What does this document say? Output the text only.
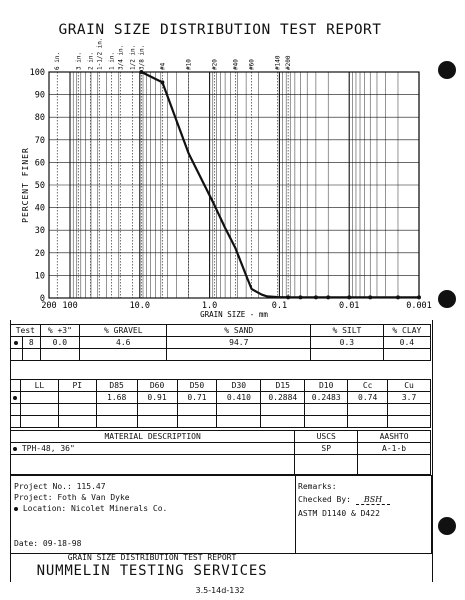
GRAIN SIZE DISTRIBUTION TEST REPORT
0
10
20
30
40
50
60
70
80
90
100
200 100	10.0	1.0	0.1	0.01	0.001
6 in. 3 in. 2 in. 1-1/2 in. 1 in. 3/4 in. 1/2 in. 3/8 in. #4	#10	#20 #40 #60	#140 #200
GRAIN SIZE - mm
PERCENT FINER
Test		% +3"	% GRAVEL	% SAND	% SILT	% CLAY
	8	0.0	4.6	94.7	0.3	0.4

	LL	PI	D85	D60	D50	D30	D15	D10	Cc	Cu
			1.68	0.91	0.71	0.410	0.2884	0.2483	0.74	3.7

MATERIAL DESCRIPTION	USCS	AASHTO
TPH-48, 36"	SP	A-1-b

Project No.: 115.47
Project: Foth & Van Dyke
Location: Nicolet Minerals Co.
Date: 09-18-98
Remarks:
Checked By: BSH
ASTM D1140 & D422
GRAIN SIZE DISTRIBUTION TEST REPORT
NUMMELIN TESTING SERVICES
3.5-14d-132
